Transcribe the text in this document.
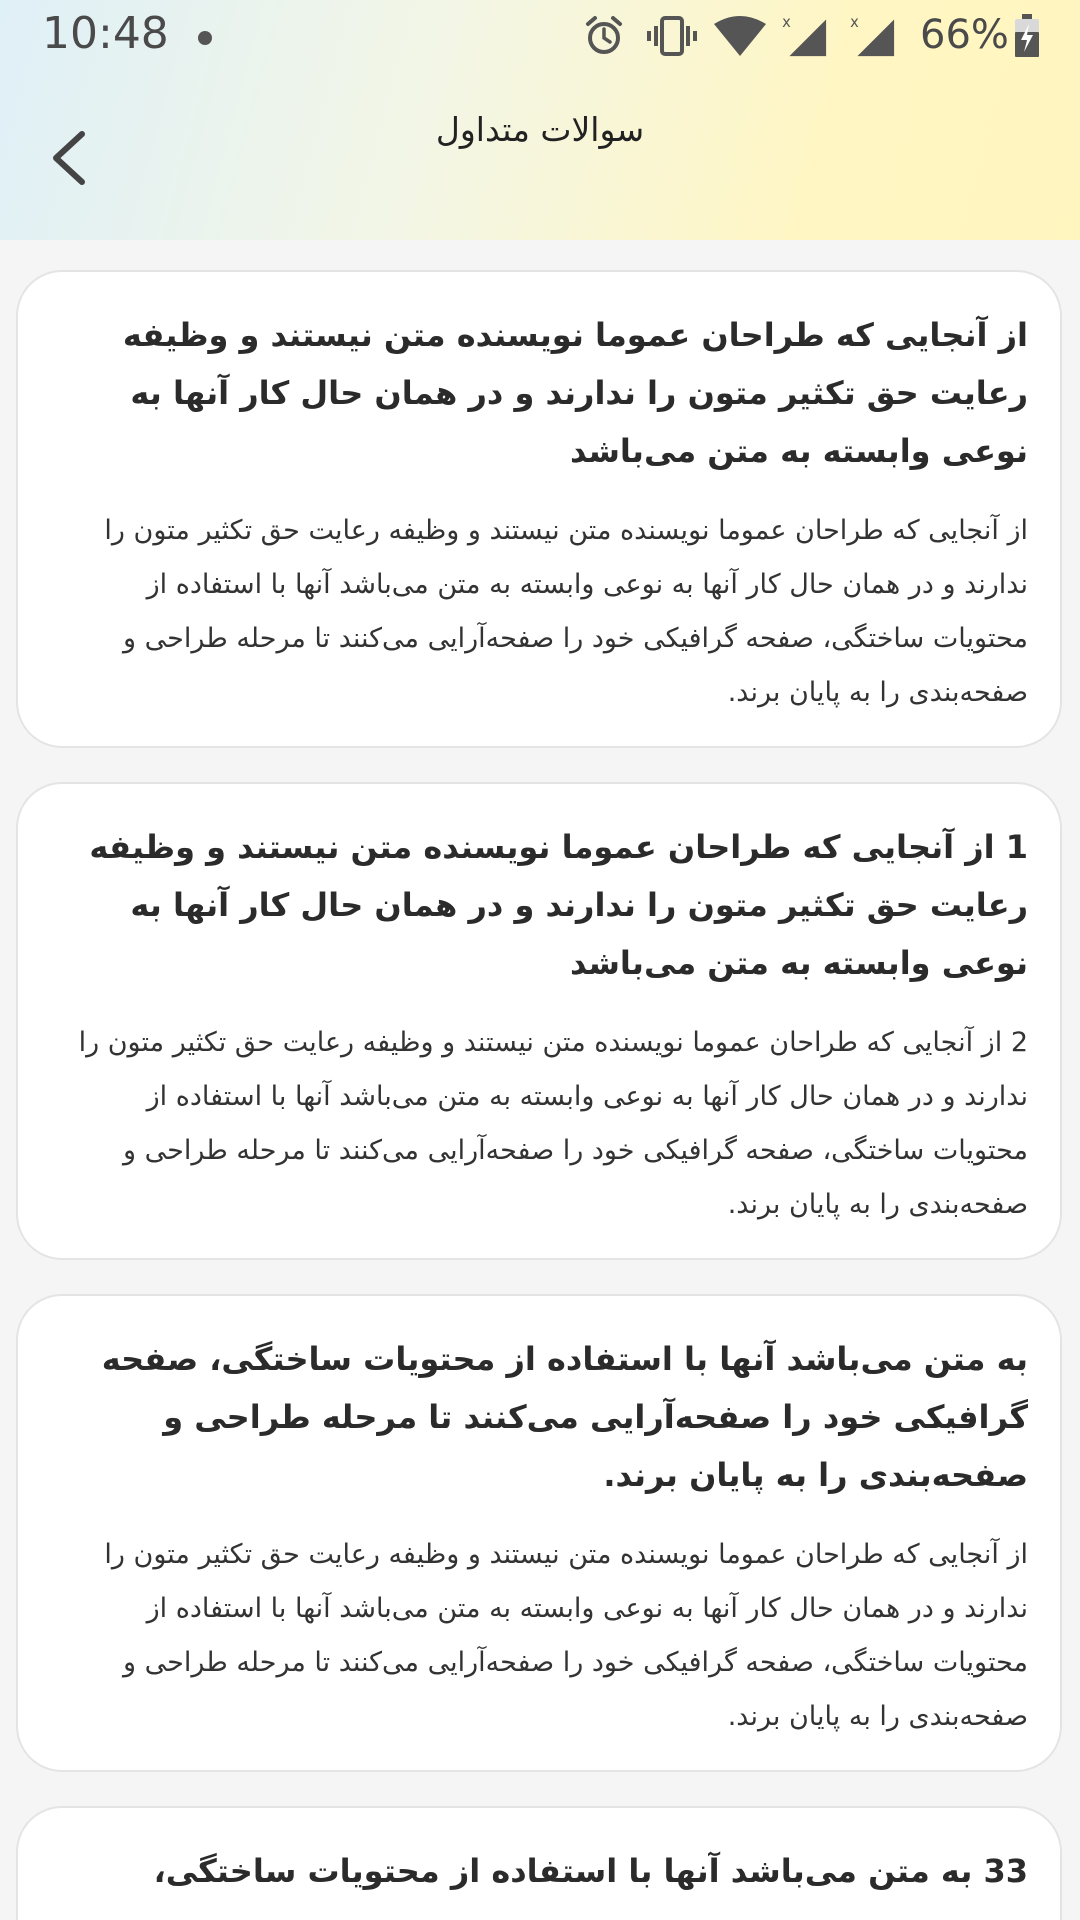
10:48	x	x 66%
سوالات متداول
از آنجایی که طراحان عموما نویسنده متن نیستند و وظیفه رعایت حق تکثیر متون را ندارند و در همان حال کار آنها به نوعی وابسته به متن می‌باشد
از آنجایی که طراحان عموما نویسنده متن نیستند و وظیفه رعایت حق تکثیر متون را ندارند و در همان حال کار آنها به نوعی وابسته به متن می‌باشد آنها با استفاده از محتویات ساختگی، صفحه گرافیکی خود را صفحه‌آرایی می‌کنند تا مرحله طراحی و صفحه‌بندی را به پایان برند.
1 از آنجایی که طراحان عموما نویسنده متن نیستند و وظیفه رعایت حق تکثیر متون را ندارند و در همان حال کار آنها به نوعی وابسته به متن می‌باشد
2 از آنجایی که طراحان عموما نویسنده متن نیستند و وظیفه رعایت حق تکثیر متون را ندارند و در همان حال کار آنها به نوعی وابسته به متن می‌باشد آنها با استفاده از محتویات ساختگی، صفحه گرافیکی خود را صفحه‌آرایی می‌کنند تا مرحله طراحی و صفحه‌بندی را به پایان برند.
به متن می‌باشد آنها با استفاده از محتویات ساختگی، صفحه گرافیکی خود را صفحه‌آرایی می‌کنند تا مرحله طراحی و صفحه‌بندی را به پایان برند.
از آنجایی که طراحان عموما نویسنده متن نیستند و وظیفه رعایت حق تکثیر متون را ندارند و در همان حال کار آنها به نوعی وابسته به متن می‌باشد آنها با استفاده از محتویات ساختگی، صفحه گرافیکی خود را صفحه‌آرایی می‌کنند تا مرحله طراحی و صفحه‌بندی را به پایان برند.
33 به متن می‌باشد آنها با استفاده از محتویات ساختگی،
